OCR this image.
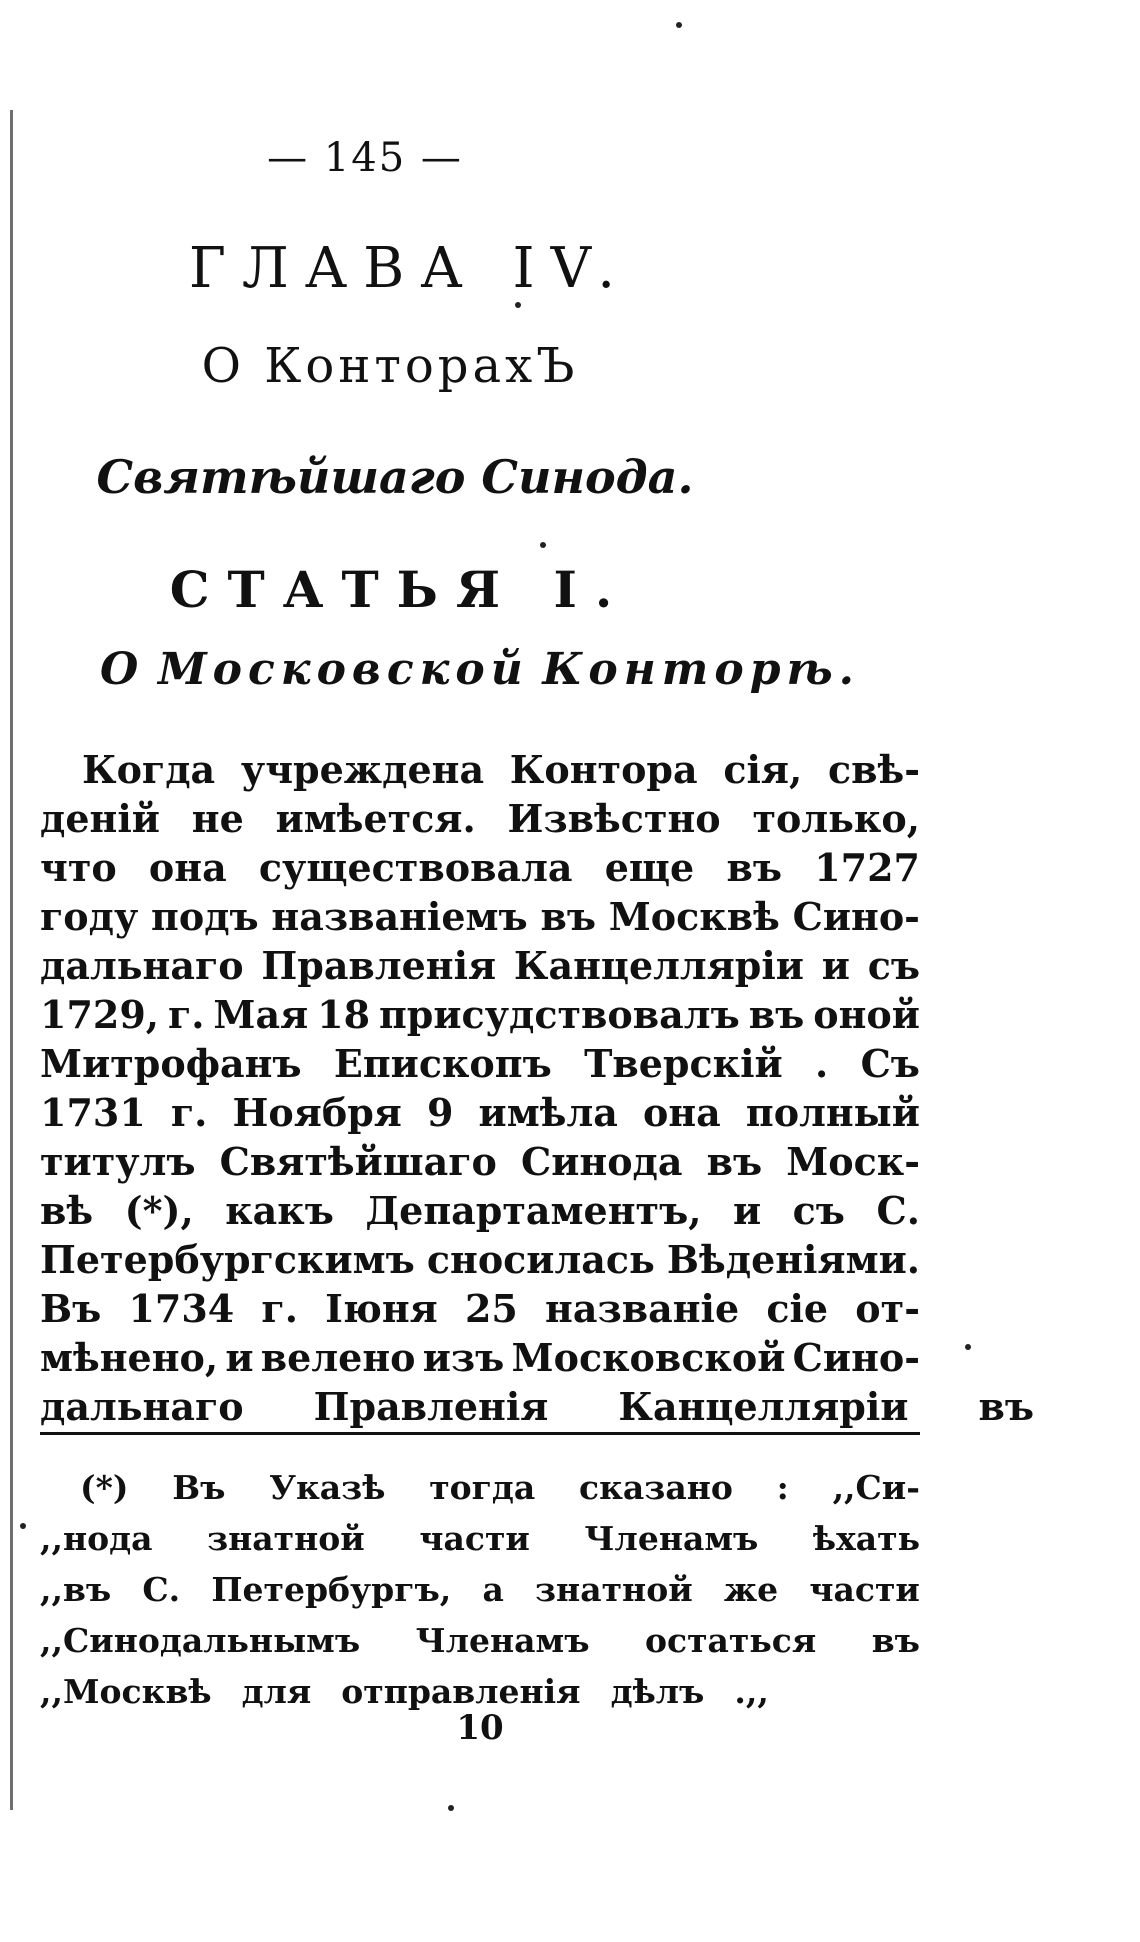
— 145 —
ГЛАВА IV.
О КонторахЪ
Святѣйшаго Синода.
СТАТЬЯ I.
О Московской Конторѣ.
Когда учреждена Контора сія, свѣ-
деній не имѣется. Извѣстно только,
что она существовала еще въ 1727
году подъ названіемъ въ Москвѣ Сино-
дальнаго Правленія Канцелляріи и съ
1729, г. Мая 18 присудствовалъ въ оной
Митрофанъ Епископъ Тверскій . Съ
1731 г. Ноября 9 имѣла она полный
титулъ Святѣйшаго Синода въ Моск-
вѣ (*), какъ Департаментъ, и съ С.
Петербургскимъ сносилась Вѣденіями.
Въ 1734 г. Іюня 25 названіе сіе от-
мѣнено, и велено изъ Московской Сино-
дальнаго Правленія Канцелляріи въ
(*) Въ Указѣ тогда сказано : ,,Си-
,,нода знатной части Членамъ ѣхать
,,въ С. Петербургъ, а знатной же части
,,Синодальнымъ Членамъ остаться въ
,,Москвѣ для отправленія дѣлъ .,,
10
